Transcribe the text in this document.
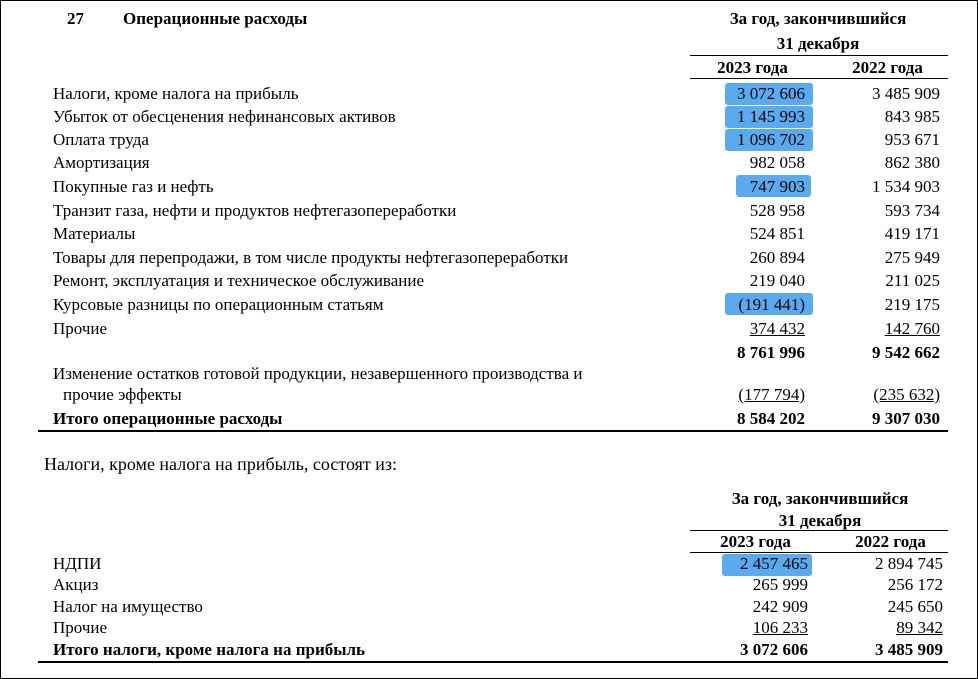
27 Операционные расходы	За год, закончившийся
31 декабря
2023 года	2022 года
Налоги, кроме налога на прибыль	3 072 606	3 485 909
Убыток от обесценения нефинансовых активов	1 145 993	843 985
Оплата труда	1 096 702	953 671
Амортизация	982 058	862 380
Покупные газ и нефть	747 903	1 534 903
Транзит газа, нефти и продуктов нефтегазопереработки	528 958	593 734
Материалы	524 851	419 171
Товары для перепродажи, в том числе продукты нефтегазопереработки	260 894	275 949
Ремонт, эксплуатация и техническое обслуживание	219 040	211 025
Курсовые разницы по операционным статьям	(191 441)	219 175
Прочие	374 432	142 760
8 761 996	9 542 662
Изменение остатков готовой продукции, незавершенного производства и
прочие эффекты	(177 794)	(235 632)
Итого операционные расходы	8 584 202	9 307 030
Налоги, кроме налога на прибыль, состоят из:
За год, закончившийся
31 декабря
2023 года	2022 года
НДПИ	2 457 465	2 894 745
Акциз	265 999	256 172
Налог на имущество	242 909	245 650
Прочие	106 233	89 342
Итого налоги, кроме налога на прибыль	3 072 606	3 485 909
